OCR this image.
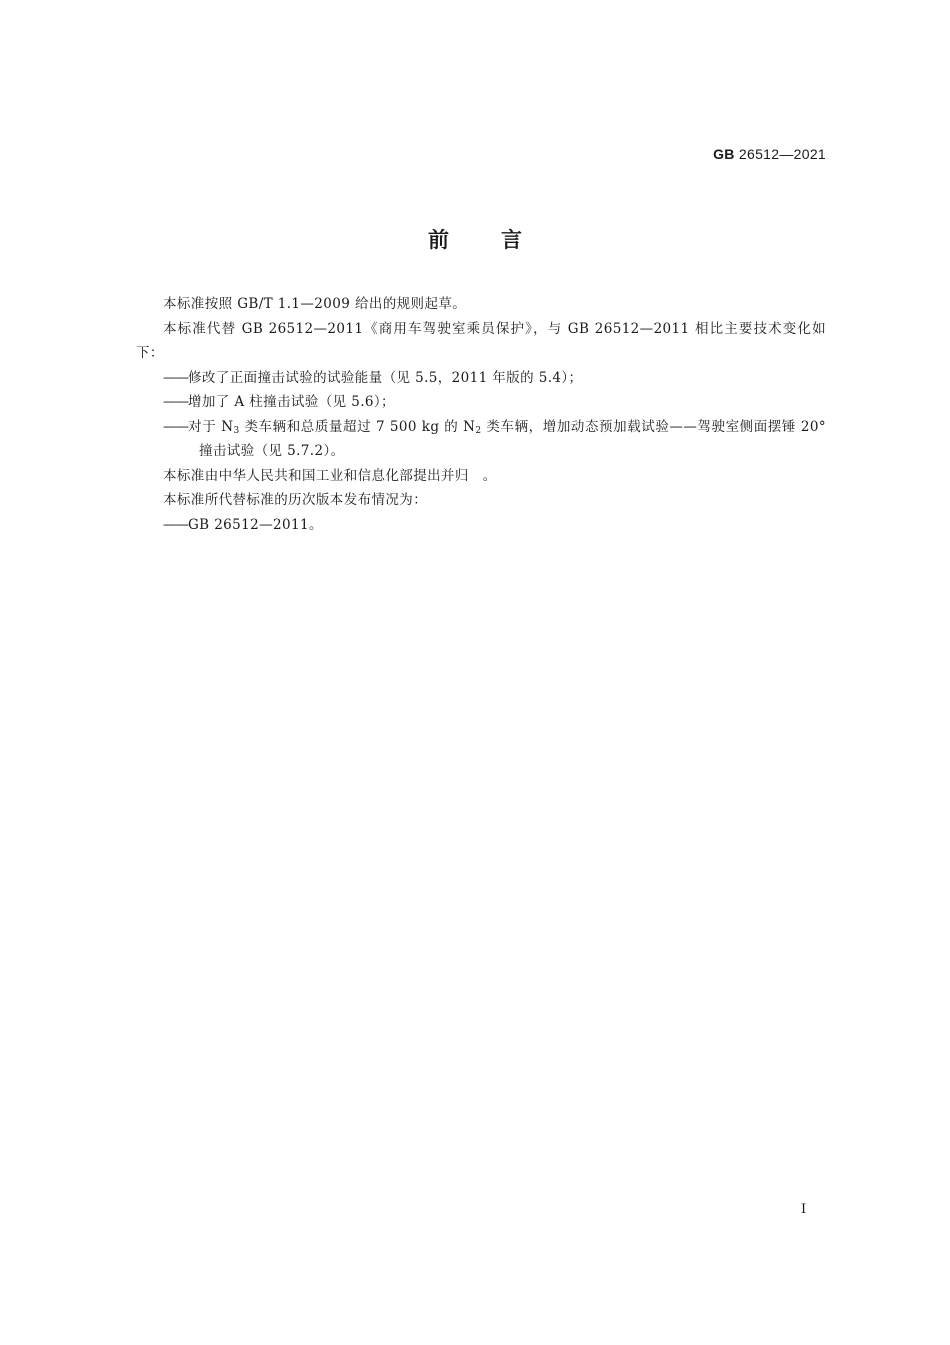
GB 26512—2021
前言

本标准按照 GB/T 1.1—2009 给出的规则起草。

本标准代替 GB 26512—2011《商用车驾驶室乘员保护》，与 GB 26512—2011 相比主要技术变化如下：

——修改了正面撞击试验的试验能量（见 5.5，2011 年版的 5.4）；

——增加了 A 柱撞击试验（见 5.6）；

——对于 $N_3$ 类车辆和总质量超过 7 500 kg 的 $N_2$ 类车辆，增加动态预加载试验——驾驶室侧面摆锤 20°撞击试验（见 5.7.2）。

本标准由中华人民共和国工业和信息化部提出并归　。

本标准所代替标准的历次版本发布情况为：

——GB 26512—2011。

Ⅰ
